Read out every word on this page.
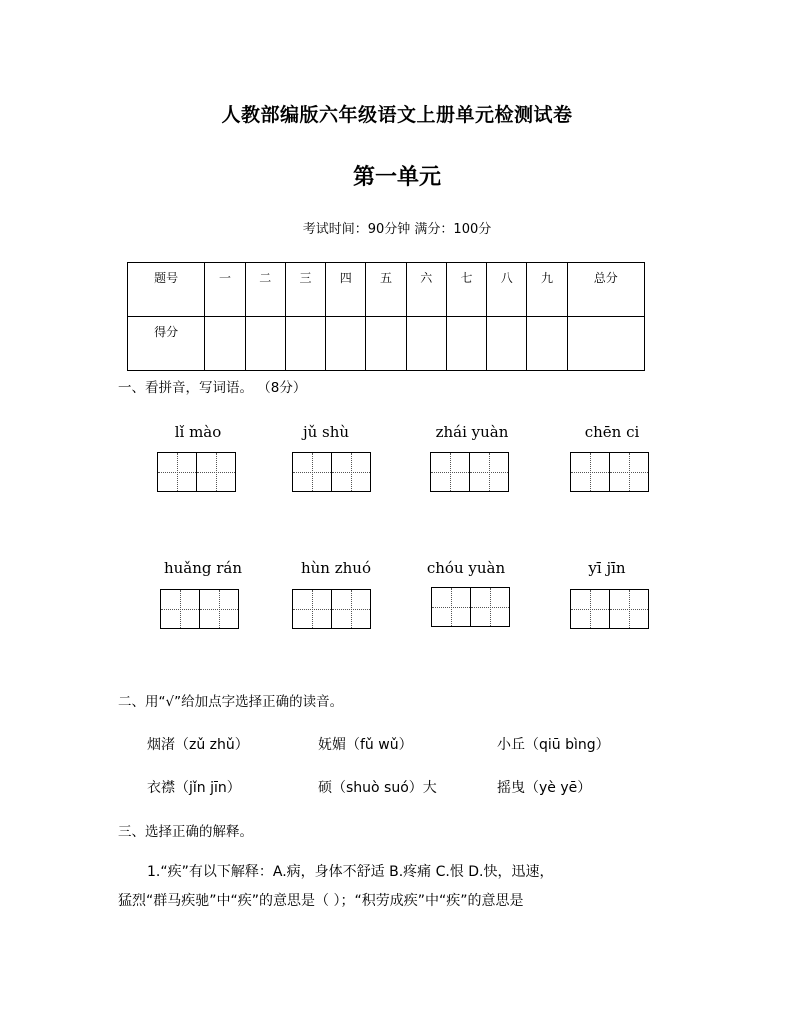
人教部编版六年级语文上册单元检测试卷
第一单元
考试时间：90分钟 满分：100分
题号	一	二	三	四	五	六	七	八	九	总分
得分										
一、看拼音，写词语。 （8分）
lǐ mào	jǔ shù	zhái yuàn	chēn ci
huǎng rán	hùn zhuó	chóu yuàn	yī jīn
二、用“√”给加点字选择正确的读音。
烟渚（zǔ zhǔ）	妩媚（fǔ wǔ）	小丘（qiū bìng）
衣襟（jǐn jīn）	硕（shuò suó）大	摇曳（yè yē）
三、选择正确的解释。
1.“疾”有以下解释：A.病，身体不舒适 B.疼痛 C.恨 D.快，迅速，
猛烈“群马疾驰”中“疾”的意思是（ ）；“积劳成疾”中“疾”的意思是
